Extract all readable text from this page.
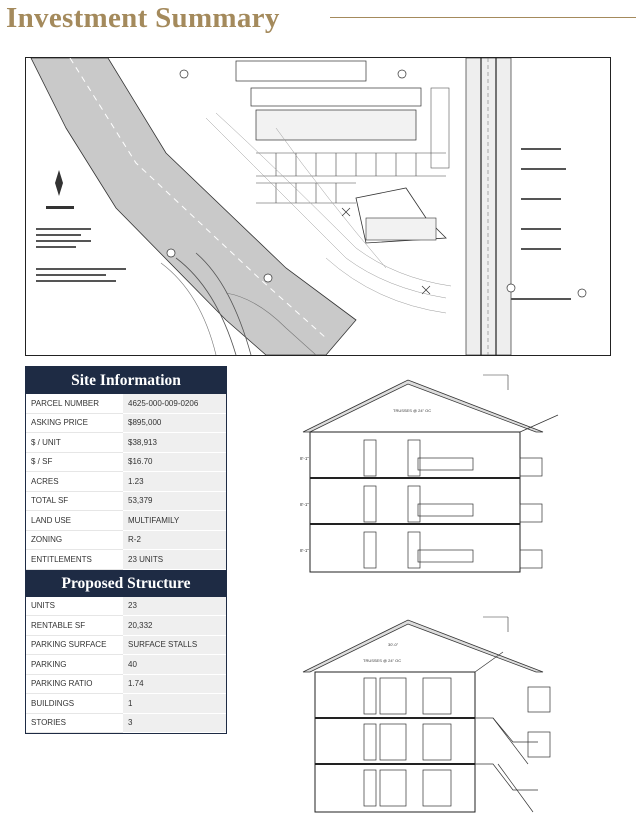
Investment Summary
Site Information
PARCEL NUMBER	4625-000-009-0206
ASKING PRICE	$895,000
$ / UNIT	$38,913
$ / SF	$16.70
ACRES	1.23
TOTAL SF	53,379
LAND USE	MULTIFAMILY
ZONING	R-2
ENTITLEMENTS	23 UNITS
Proposed Structure
UNITS	23
RENTABLE SF	20,332
PARKING SURFACE	SURFACE STALLS
PARKING	40
PARKING RATIO	1.74
BUILDINGS	1
STORIES	3
TRUSSES @ 24" OC
8'-1"
8'-1"
8'-1"
30'-0"
TRUSSES @ 24" OC
